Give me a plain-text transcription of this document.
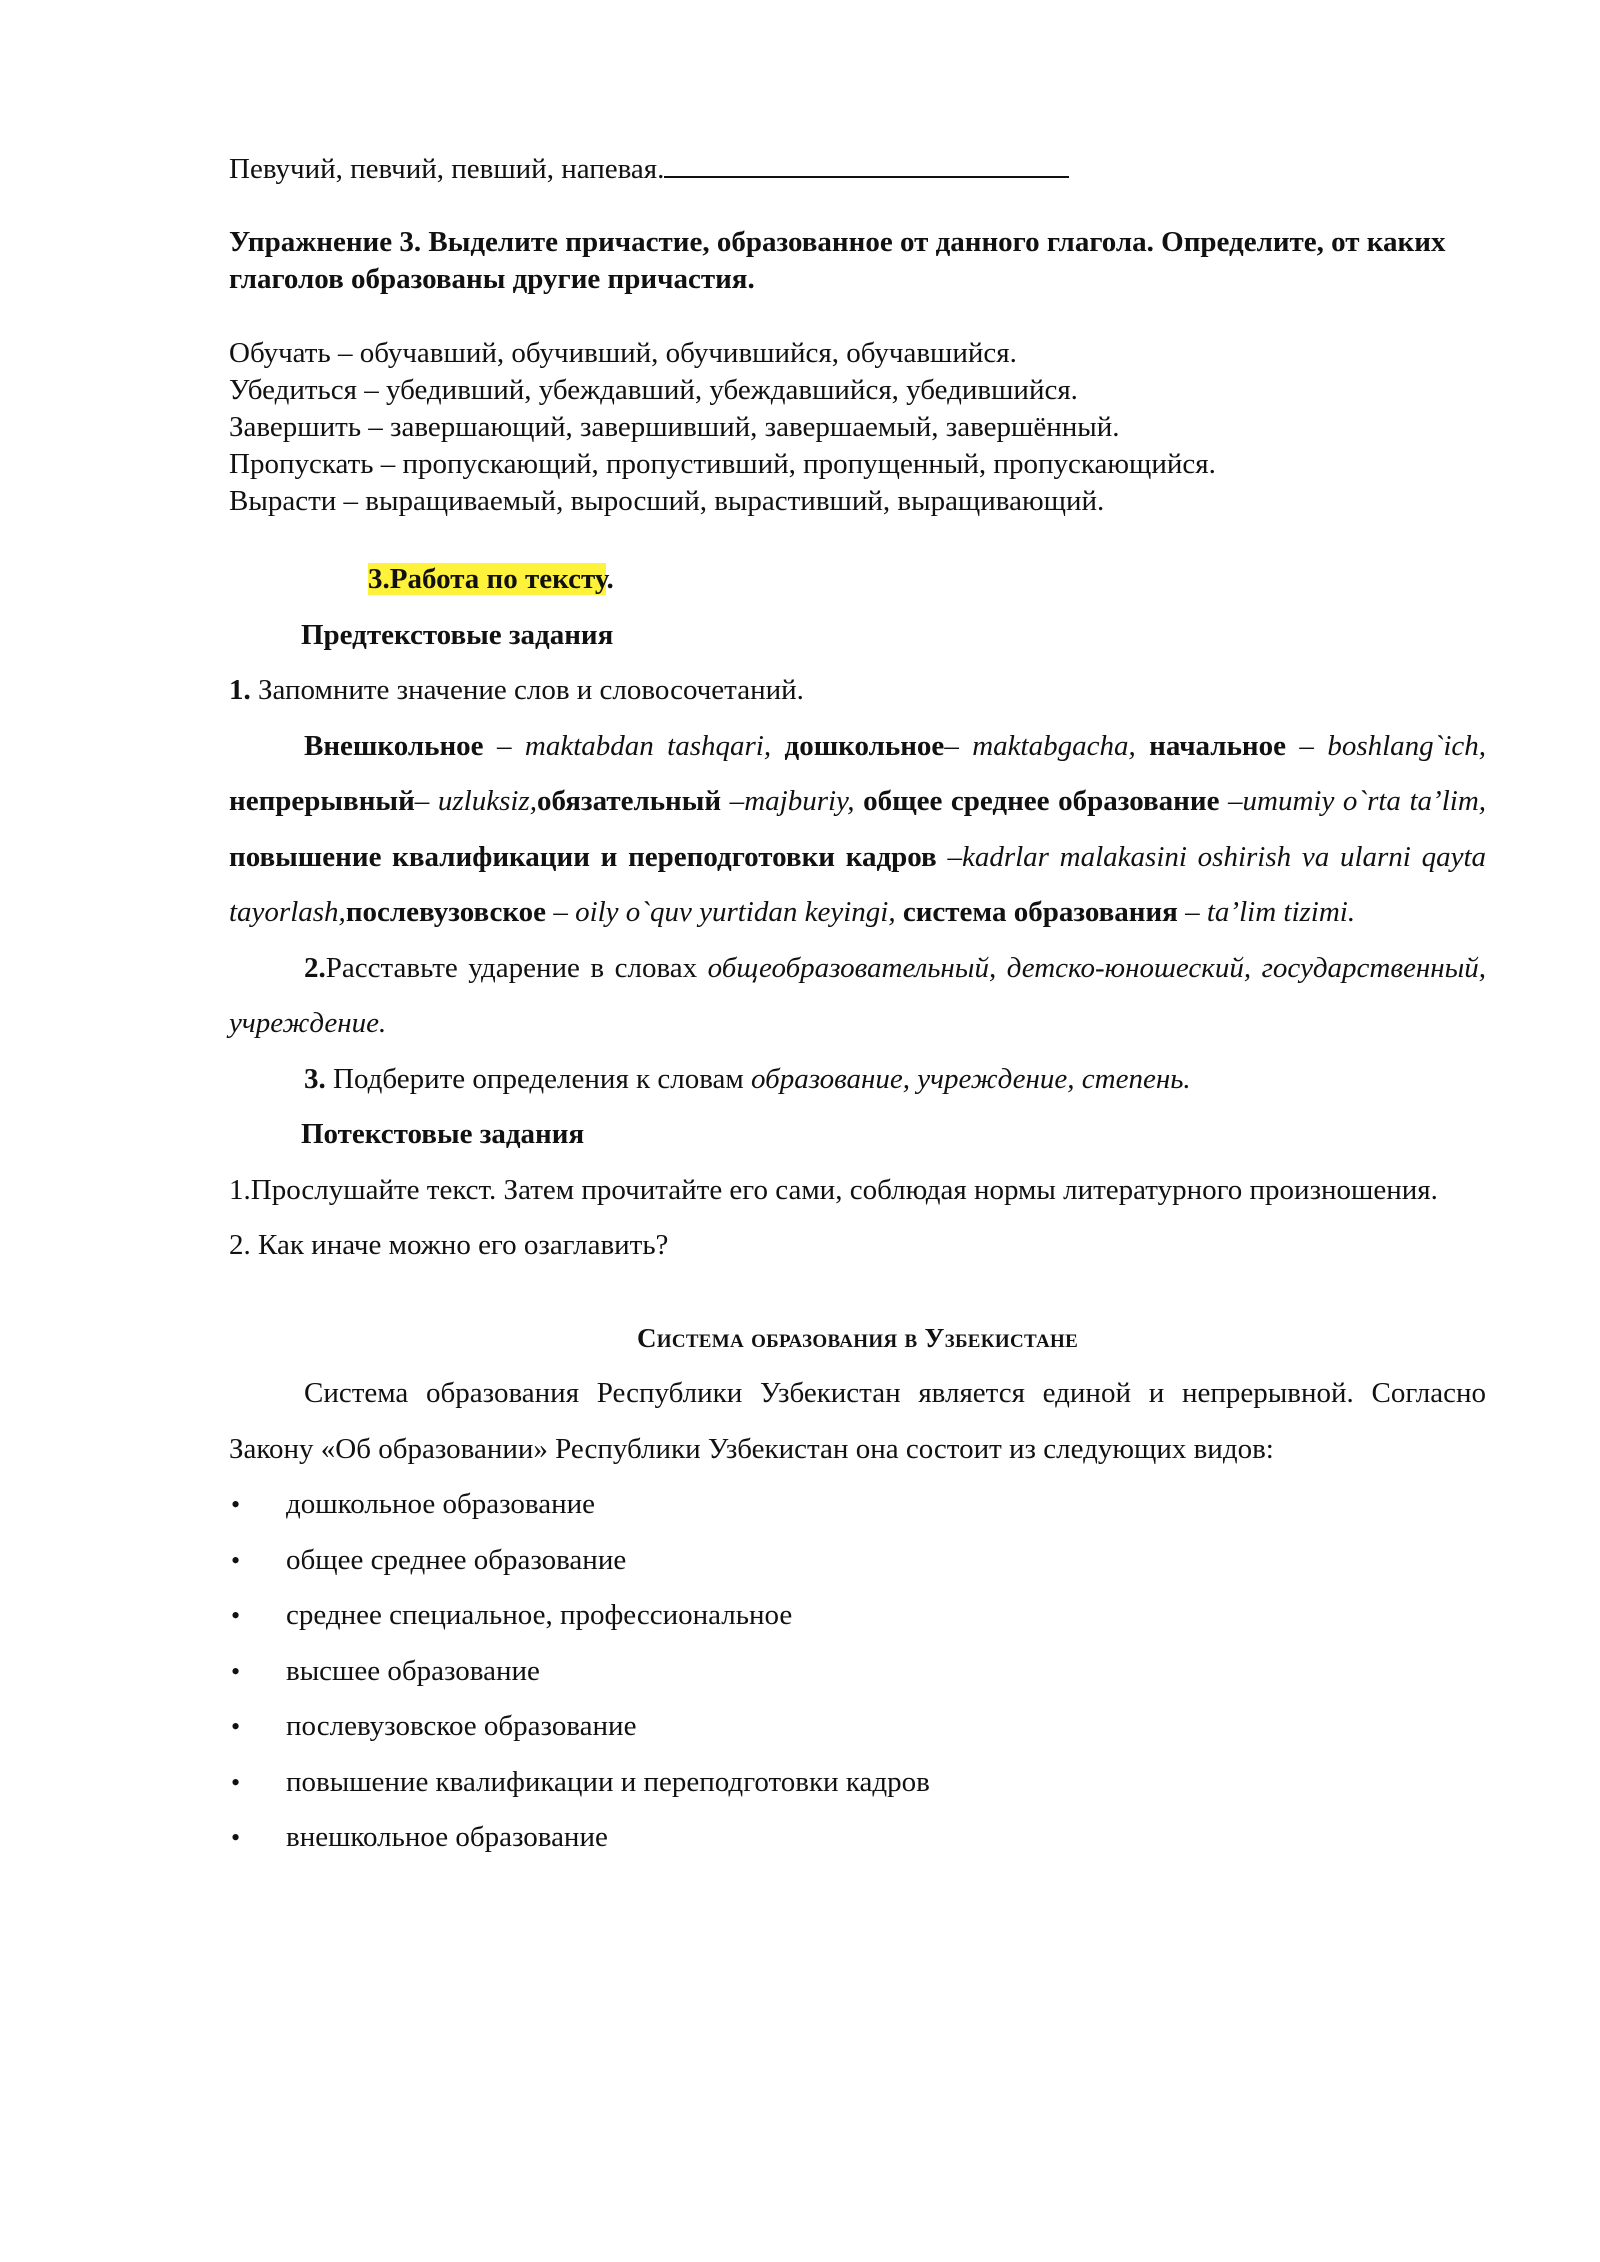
Певучий, певчий, певший, напевая.

Упражнение 3. Выделите причастие, образованное от данного глагола. Определите, от каких глаголов образованы другие причастия.

Обучать – обучавший, обучивший, обучившийся, обучавшийся.

Убедиться – убедивший, убеждавший, убеждавшийся, убедившийся.

Завершить – завершающий, завершивший, завершаемый, завершённый.

Пропускать – пропускающий, пропустивший, пропущенный, пропускающийся.

Вырасти – выращиваемый, выросший, вырастивший, выращивающий.

3.Работа по тексту.

Предтекстовые задания

1. Запомните значение слов и словосочетаний.

Внешкольное – maktabdan tashqari, дошкольное– maktabgacha, начальное – boshlang`ich, непрерывный– uzluksiz,обязательный –majburiy, общее среднее образование –umumiy o`rta ta’lim, повышение квалификации и переподготовки кадров –kadrlar malakasini oshirish va ularni qayta tayorlash,послевузовское – oily o`quv yurtidan keyingi, система образования – ta’lim tizimi.

2.Расставьте ударение в словах общеобразовательный, детско-юношеский, государственный, учреждение.

3. Подберите определения к словам образование, учреждение, степень.

Потекстовые задания

1.Прослушайте текст. Затем прочитайте его сами, соблюдая нормы литературного произношения.

2. Как иначе можно его озаглавить?

Система образования в Узбекистане

Система образования Республики Узбекистан является единой и непрерывной. Согласно Закону «Об образовании» Республики Узбекистан она состоит из следующих видов:

• дошкольное образование
• общее среднее образование
• среднее специальное, профессиональное
• высшее образование
• послевузовское образование
• повышение квалификации и переподготовки кадров
• внешкольное образование
